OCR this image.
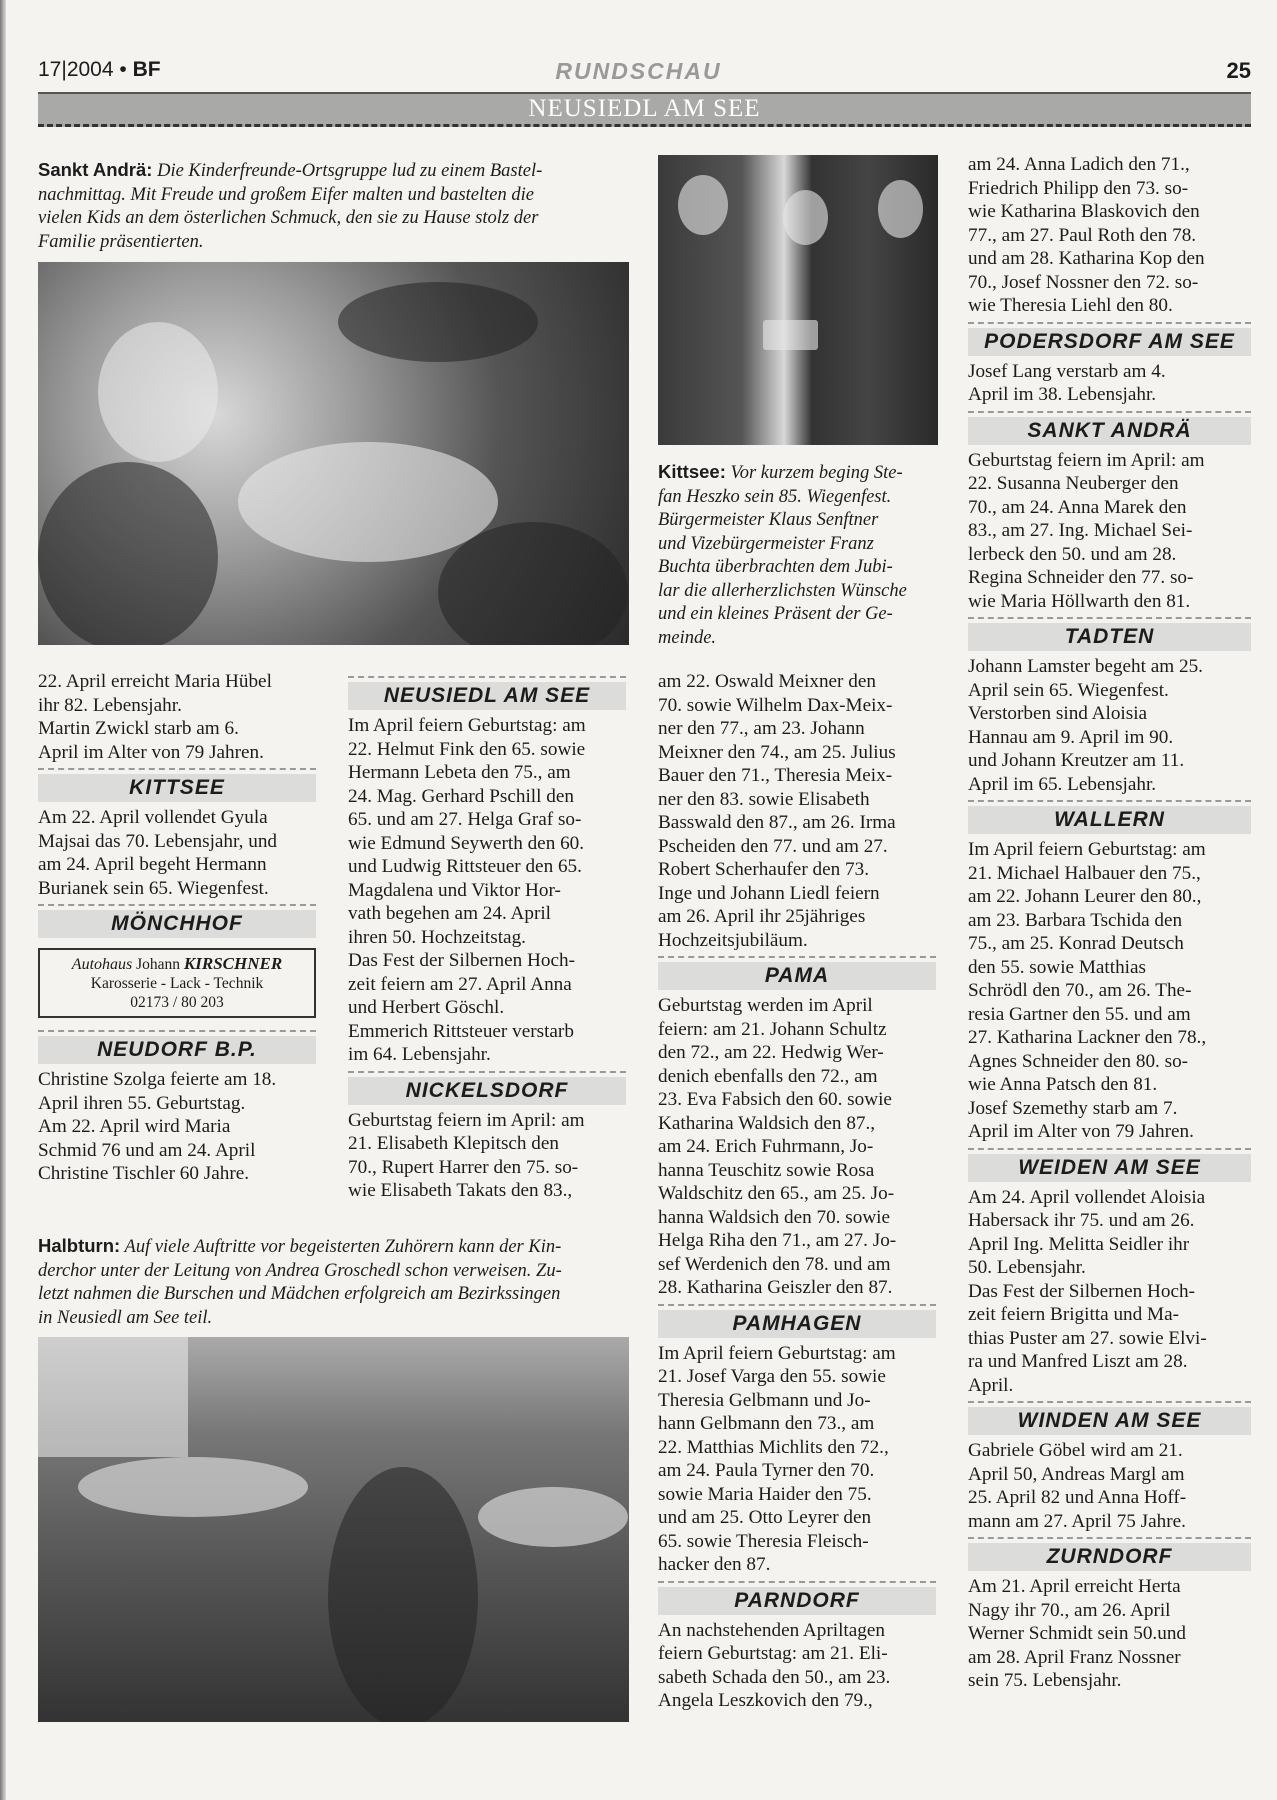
17|2004 • BF	RUNDSCHAU	25
NEUSIEDL AM SEE
Sankt Andrä: Die Kinderfreunde-Ortsgruppe lud zu einem Bastel-
nachmittag. Mit Freude und großem Eifer malten und bastelten die
vielen Kids an dem österlichen Schmuck, den sie zu Hause stolz der
Familie präsentierten.
Kittsee: Vor kurzem beging Ste-
fan Heszko sein 85. Wiegenfest.
Bürgermeister Klaus Senftner
und Vizebürgermeister Franz
Buchta überbrachten dem Jubi-
lar die allerherzlichsten Wünsche
und ein kleines Präsent der Ge-
meinde.
Halbturn: Auf viele Auftritte vor begeisterten Zuhörern kann der Kin-
derchor unter der Leitung von Andrea Groschedl schon verweisen. Zu-
letzt nahmen die Burschen und Mädchen erfolgreich am Bezirkssingen
in Neusiedl am See teil.

22. April erreicht Maria Hübel
ihr 82. Lebensjahr.
Martin Zwickl starb am 6.
April im Alter von 79 Jahren.

KITTSEE

Am 22. April vollendet Gyula
Majsai das 70. Lebensjahr, und
am 24. April begeht Hermann
Burianek sein 65. Wiegenfest.

MÖNCHHOF
Autohaus Johann KIRSCHNER
Karosserie - Lack - Technik
02173 / 80 203
NEUDORF B.P.

Christine Szolga feierte am 18.
April ihren 55. Geburtstag.
Am 22. April wird Maria
Schmid 76 und am 24. April
Christine Tischler 60 Jahre.

NEUSIEDL AM SEE

Im April feiern Geburtstag: am
22. Helmut Fink den 65. sowie
Hermann Lebeta den 75., am
24. Mag. Gerhard Pschill den
65. und am 27. Helga Graf so-
wie Edmund Seywerth den 60.
und Ludwig Rittsteuer den 65.
Magdalena und Viktor Hor-
vath begehen am 24. April
ihren 50. Hochzeitstag.
Das Fest der Silbernen Hoch-
zeit feiern am 27. April Anna
und Herbert Göschl.
Emmerich Rittsteuer verstarb
im 64. Lebensjahr.

NICKELSDORF

Geburtstag feiern im April: am
21. Elisabeth Klepitsch den
70., Rupert Harrer den 75. so-
wie Elisabeth Takats den 83.,

am 22. Oswald Meixner den
70. sowie Wilhelm Dax-Meix-
ner den 77., am 23. Johann
Meixner den 74., am 25. Julius
Bauer den 71., Theresia Meix-
ner den 83. sowie Elisabeth
Basswald den 87., am 26. Irma
Pscheiden den 77. und am 27.
Robert Scherhaufer den 73.
Inge und Johann Liedl feiern
am 26. April ihr 25jähriges
Hochzeitsjubiläum.

PAMA

Geburtstag werden im April
feiern: am 21. Johann Schultz
den 72., am 22. Hedwig Wer-
denich ebenfalls den 72., am
23. Eva Fabsich den 60. sowie
Katharina Waldsich den 87.,
am 24. Erich Fuhrmann, Jo-
hanna Teuschitz sowie Rosa
Waldschitz den 65., am 25. Jo-
hanna Waldsich den 70. sowie
Helga Riha den 71., am 27. Jo-
sef Werdenich den 78. und am
28. Katharina Geiszler den 87.

PAMHAGEN

Im April feiern Geburtstag: am
21. Josef Varga den 55. sowie
Theresia Gelbmann und Jo-
hann Gelbmann den 73., am
22. Matthias Michlits den 72.,
am 24. Paula Tyrner den 70.
sowie Maria Haider den 75.
und am 25. Otto Leyrer den
65. sowie Theresia Fleisch-
hacker den 87.

PARNDORF

An nachstehenden Apriltagen
feiern Geburtstag: am 21. Eli-
sabeth Schada den 50., am 23.
Angela Leszkovich den 79.,

am 24. Anna Ladich den 71.,
Friedrich Philipp den 73. so-
wie Katharina Blaskovich den
77., am 27. Paul Roth den 78.
und am 28. Katharina Kop den
70., Josef Nossner den 72. so-
wie Theresia Liehl den 80.

PODERSDORF AM SEE

Josef Lang verstarb am 4.
April im 38. Lebensjahr.

SANKT ANDRÄ

Geburtstag feiern im April: am
22. Susanna Neuberger den
70., am 24. Anna Marek den
83., am 27. Ing. Michael Sei-
lerbeck den 50. und am 28.
Regina Schneider den 77. so-
wie Maria Höllwarth den 81.

TADTEN

Johann Lamster begeht am 25.
April sein 65. Wiegenfest.
Verstorben sind Aloisia
Hannau am 9. April im 90.
und Johann Kreutzer am 11.
April im 65. Lebensjahr.

WALLERN

Im April feiern Geburtstag: am
21. Michael Halbauer den 75.,
am 22. Johann Leurer den 80.,
am 23. Barbara Tschida den
75., am 25. Konrad Deutsch
den 55. sowie Matthias
Schrödl den 70., am 26. The-
resia Gartner den 55. und am
27. Katharina Lackner den 78.,
Agnes Schneider den 80. so-
wie Anna Patsch den 81.
Josef Szemethy starb am 7.
April im Alter von 79 Jahren.

WEIDEN AM SEE

Am 24. April vollendet Aloisia
Habersack ihr 75. und am 26.
April Ing. Melitta Seidler ihr
50. Lebensjahr.
Das Fest der Silbernen Hoch-
zeit feiern Brigitta und Ma-
thias Puster am 27. sowie Elvi-
ra und Manfred Liszt am 28.
April.

WINDEN AM SEE

Gabriele Göbel wird am 21.
April 50, Andreas Margl am
25. April 82 und Anna Hoff-
mann am 27. April 75 Jahre.

ZURNDORF

Am 21. April erreicht Herta
Nagy ihr 70., am 26. April
Werner Schmidt sein 50.und
am 28. April Franz Nossner
sein 75. Lebensjahr.
